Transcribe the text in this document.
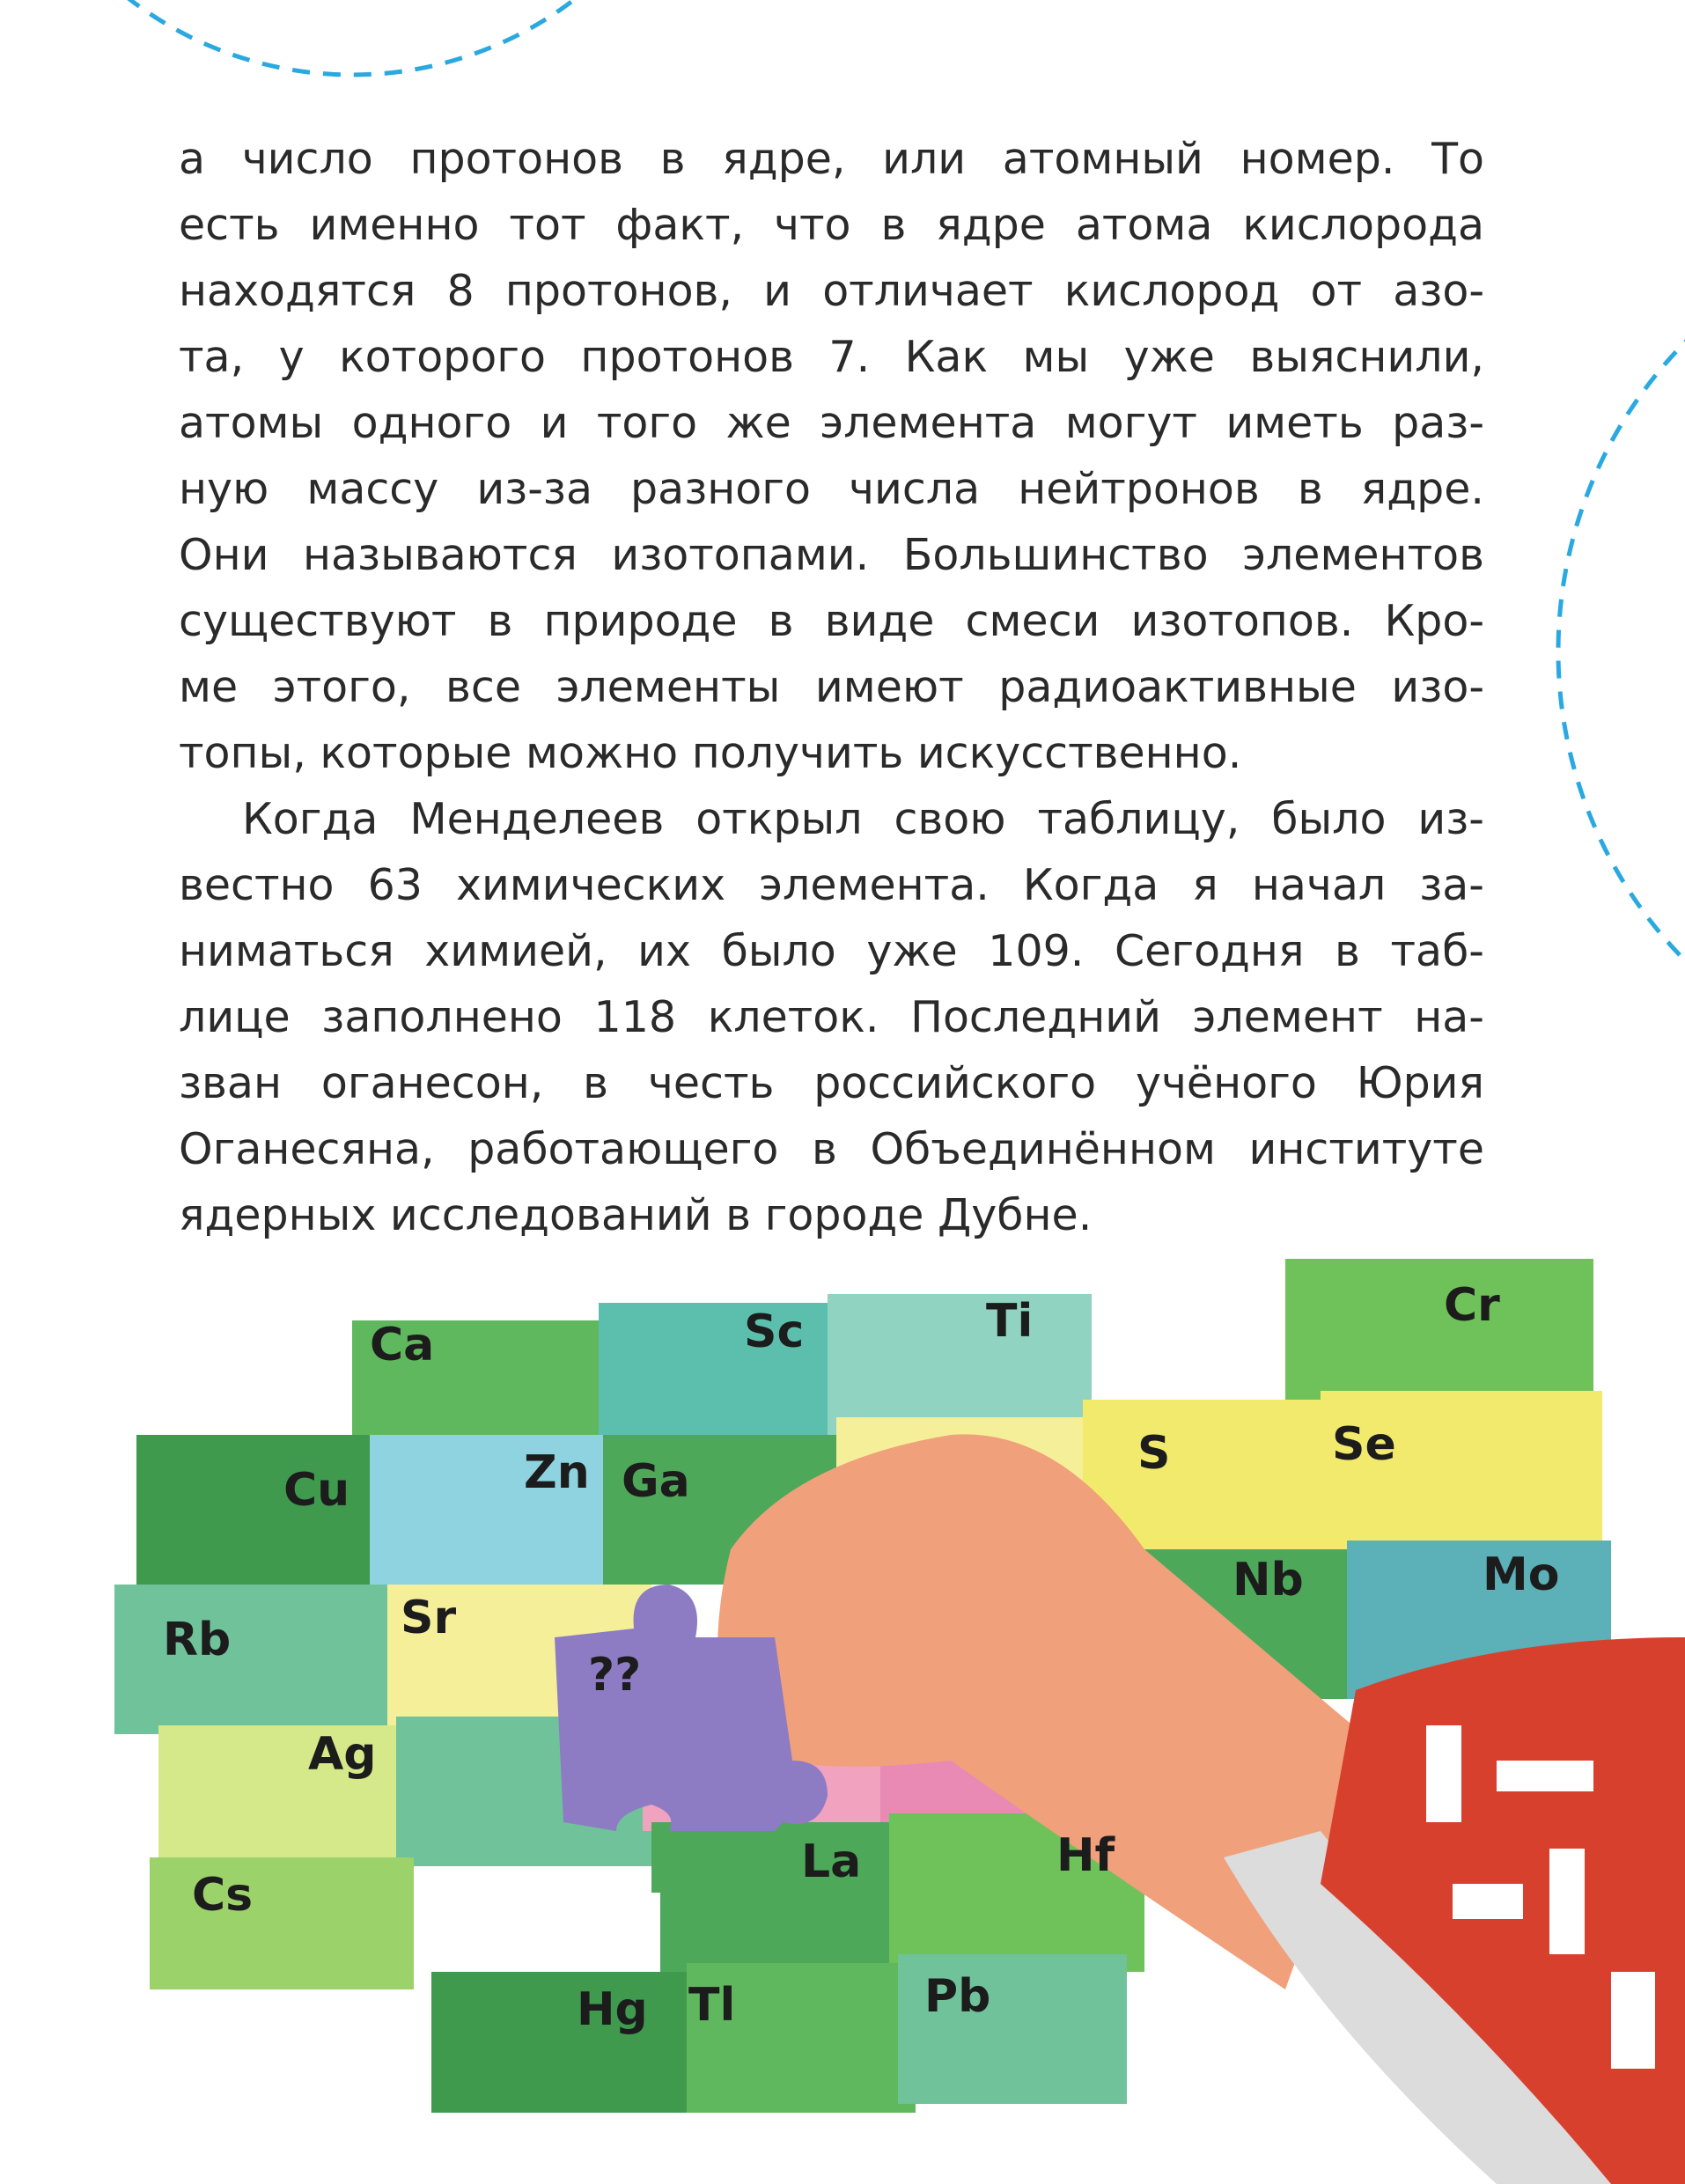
а число протонов в ядре, или атомный номер. То
есть именно тот факт, что в ядре атома кислорода
находятся 8 протонов, и отличает кислород от азо-
та, у которого протонов 7. Как мы уже выяснили,
атомы одного и того же элемента могут иметь раз-
ную массу из-за разного числа нейтронов в ядре.
Они называются изотопами. Большинство элементов
существуют в природе в виде смеси изотопов. Кро-
ме этого, все элементы имеют радиоактивные изо-
топы, которые можно получить искусственно.

Когда Менделеев открыл свою таблицу, было из-
вестно 63 химических элемента. Когда я начал за-
ниматься химией, их было уже 109. Сегодня в таб-
лице заполнено 118 клеток. Последний элемент на-
зван оганесон, в честь российского учёного Юрия
Оганесяна, работающего в Объединённом институте
ядерных исследований в городе Дубне.

Ca	Sc	Ti	Cr
Cu	Zn Ga
S	Se
Nb	Mo
Rb	Sr
??
Ag
La	Hf
Cs
Hg Tl	Pb
